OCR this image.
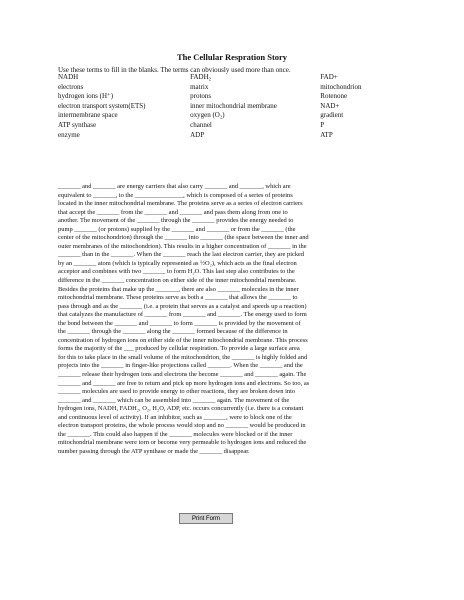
The Cellular Respration Story
Use these terms to fill in the blanks. The terms can obviously used more than once.
NADH	FADH₂	FAD+
electrons	matrix	mitochondrion
hydrogen ions (H⁺)	protons	Rotenone
electron transport system(ETS)	inner mitochondrial membrane	NAD+
intermembrane space	oxygen (O₂)	gradient
ATP synthase	channel	P
enzyme	ADP	ATP

_______ and _______ are energy carriers that also carry _______ and _______, which are

equivalent to _______, to the _______________, which is composed of a series of proteins

located in the inner mitochondrial membrane. The proteins serve as a series of electron carriers

that accept the _______ from the _______ and _______ and pass them along from one to

another. The movement of the _______ through the _______ provides the energy needed to

pump _______ (or protons) supplied by the _______ and _______ or from the _______ (the

center of the mitochondrion) through the _______ into _______ (the space between the inner and

outer membranes of the mitochondrion). This results in a higher concentration of _______ in the

_______ than in the _______. When the _______ reach the last electron carrier, they are picked

by an _______ atom (which is typically represented as ½O₂), which acts as the final electron

acceptor and combines with two _______ to form H₂O. This last step also contributes to the

difference in the _______ concentration on either side of the inner mitochondrial membrane.

Besides the proteins that make up the _______, there are also _______ molecules in the inner

mitochondrial membrane. These proteins serve as both a _______ that allows the _______ to

pass through and as the _______ (i.e. a protein that serves as a catalyst and speeds up a reaction)

that catalyzes the manufacture of _______ from _______ and _______. The energy used to form

the bond between the _______ and _______ to form _______ is provided by the movement of

the _______ through the _______ along the _______ formed because of the difference in

concentration of hydrogen ions on either side of the inner mitochondrial membrane. This process

forms the majority of the ___ produced by cellular respiration. To provide a large surface area

for this to take place in the small volume of the mitochondrion, the _______ is highly folded and

projects into the _______ in finger-like projections called _______. When the _______ and the

_______ release their hydrogen ions and electrons the become _______ and _______ again. The

_______ and _______ are free to return and pick up more hydrogen ions and electrons. So too, as

_______ molecules are used to provide energy to other reactions, they are broken down into

_______ and _______ which can be assembled into _______ again. The movement of the

hydrogen ions, NADH, FADH₂, O₂, H₂O, ADP, etc. occurs concurrently (i.e. there is a constant

and continuous level of activity). If an inhibitor, such as _______, were to block one of the

electron transport proteins, the whole process would stop and no _______ would be produced in

the _______. This could also happen if the _______ molecules were blocked or if the inner

mitochondrial membrane were torn or become very permeable to hydrogen ions and reduced the

number passing through the ATP synthase or made the _______ disappear.

Print Form
